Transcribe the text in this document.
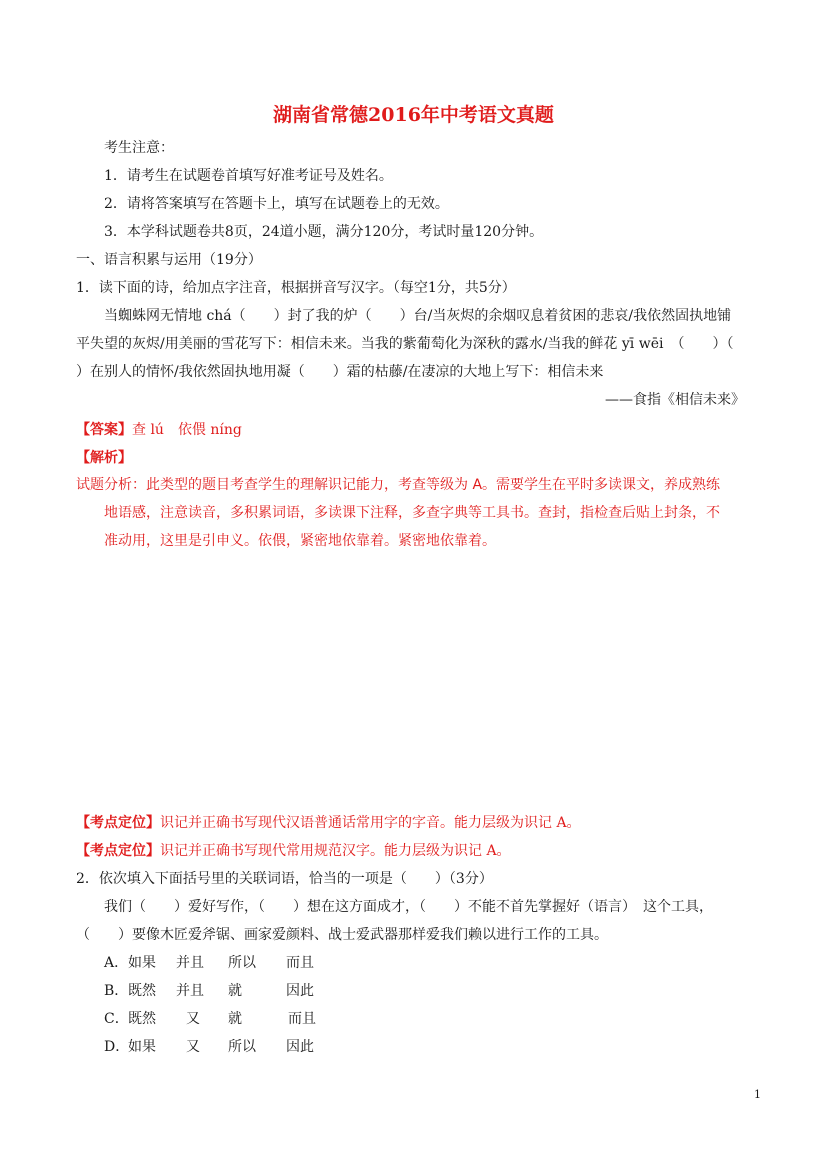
湖南省常德2016年中考语文真题
考生注意：
1．请考生在试题卷首填写好准考证号及姓名。
2．请将答案填写在答题卡上，填写在试题卷上的无效。
3．本学科试题卷共8页，24道小题，满分120分，考试时量120分钟。
一、语言积累与运用（19分）
1．读下面的诗，给加点字注音，根据拼音写汉字。（每空1分，共5分）
当蜘蛛网无情地 chá（　　）封了我的炉（　　）台/当灰烬的余烟叹息着贫困的悲哀/我依然固执地铺
平失望的灰烬/用美丽的雪花写下：相信未来。当我的紫葡萄化为深秋的露水/当我的鲜花 yī wēi　（　　）（
）在别人的情怀/我依然固执地用凝（　　）霜的枯藤/在凄凉的大地上写下：相信未来
——食指《相信未来》
【答案】查 lú　依偎 níng
【解析】
试题分析：此类型的题目考查学生的理解识记能力，考查等级为 A。需要学生在平时多读课文，养成熟练
地语感，注意读音，多积累词语，多读课下注释，多查字典等工具书。查封，指检查后贴上封条，不
准动用，这里是引申义。依偎，紧密地依靠着。紧密地依靠着。
【考点定位】识记并正确书写现代汉语普通话常用字的字音。能力层级为识记 A。
【考点定位】识记并正确书写现代常用规范汉字。能力层级为识记 A。
2．依次填入下面括号里的关联词语，恰当的一项是（　　）（3分）
我们（　　）爱好写作，（　　）想在这方面成才，（　　）不能不首先掌握好（语言）　这个工具，
（　　）要像木匠爱斧锯、画家爱颜料、战士爱武器那样爱我们赖以进行工作的工具。
A． 如果 并且 所以 而且
B． 既然 并且 就	因此
C． 既然 又 就	而且
D．
如果 又 所以 因此
1
